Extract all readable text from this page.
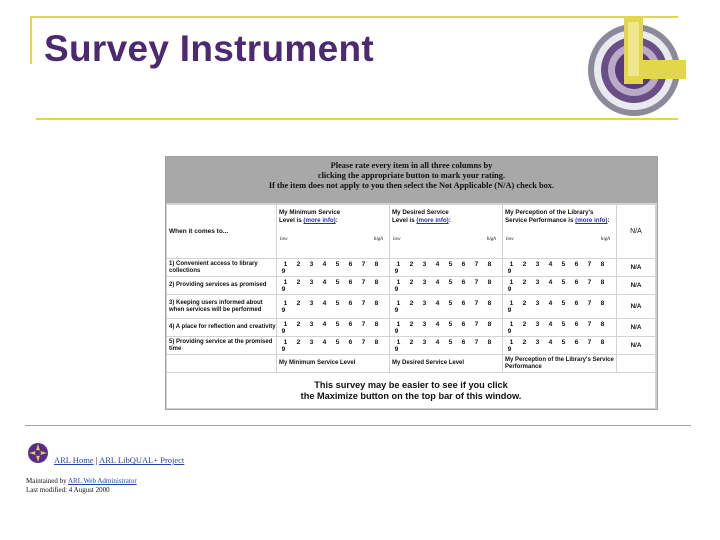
Survey Instrument
Please rate every item in all three columns by
clicking the appropriate button to mark your rating.
If the item does not apply to you then select the Not Applicable (N/A) check box.
When it comes to...	My Minimum Service
Level is (more info):
low high	My Desired Service
Level is (more info):
low high	My Perception of the Library's
Service Performance is (more info):
low high	N/A
1) Convenient access to library collections	1 2 3 4 5 6 7 89	1 2 3 4 5 6 7 89	1 2 3 4 5 6 7 89	N/A
2) Providing services as promised	1 2 3 4 5 6 7 89	1 2 3 4 5 6 7 89	1 2 3 4 5 6 7 89	N/A
3) Keeping users informed about when services will be performed	1 2 3 4 5 6 7 89	1 2 3 4 5 6 7 89	1 2 3 4 5 6 7 89	N/A
4) A place for reflection and creativity	1 2 3 4 5 6 7 89	1 2 3 4 5 6 7 89	1 2 3 4 5 6 7 89	N/A
5) Providing service at the promised time	1 2 3 4 5 6 7 89	1 2 3 4 5 6 7 89	1 2 3 4 5 6 7 89	N/A
	My Minimum Service Level	My Desired Service Level	My Perception of the Library's Service Performance	

This survey may be easier to see if you click
the Maximize button on the top bar of this window.				
ARL Home | ARL LibQUAL+ Project
Maintained by ARL Web Administrator
Last modified: 4 August 2000
